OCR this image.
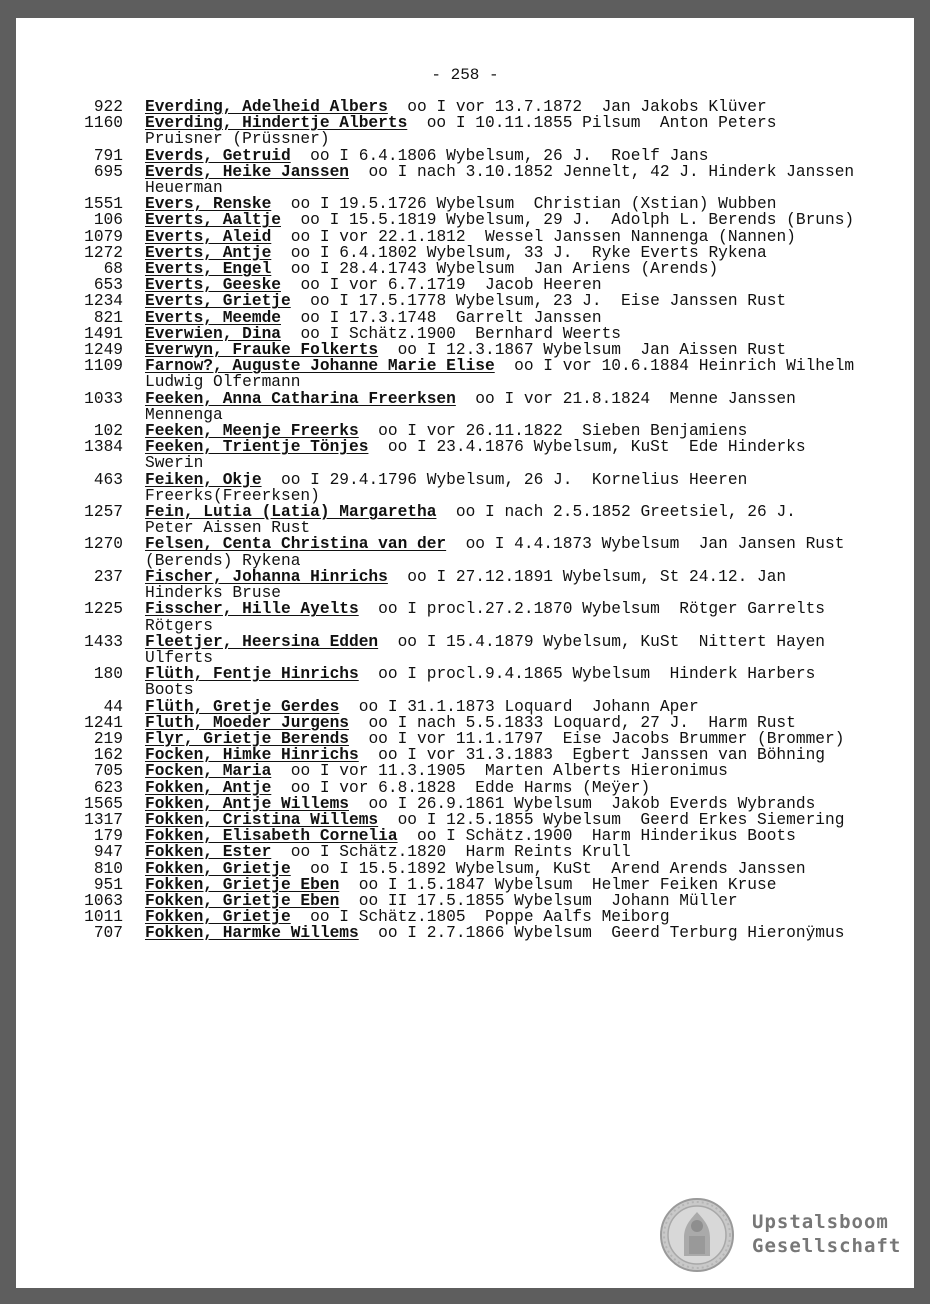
- 258 -
922 Everding, Adelheid Albers oo I vor 13.7.1872  Jan Jakobs Klüver
1160 Everding, Hindertje Alberts oo I 10.11.1855 Pilsum  Anton Peters Pruisner (Prüssner)
791 Everds, Getruid oo I 6.4.1806 Wybelsum, 26 J.  Roelf Jans
695 Everds, Heike Janssen oo I nach 3.10.1852 Jennelt, 42 J. Hinderk Janssen Heuerman
1551 Evers, Renske oo I 19.5.1726 Wybelsum  Christian (Xstian) Wubben
106 Everts, Aaltje oo I 15.5.1819 Wybelsum, 29 J.  Adolph L. Berends (Bruns)
1079 Everts, Aleid oo I vor 22.1.1812  Wessel Janssen Nannenga (Nannen)
1272 Everts, Antje oo I 6.4.1802 Wybelsum, 33 J.  Ryke Everts Rykena
68 Everts, Engel oo I 28.4.1743 Wybelsum  Jan Ariens (Arends)
653 Everts, Geeske oo I vor 6.7.1719  Jacob Heeren
1234 Everts, Grietje oo I 17.5.1778 Wybelsum, 23 J.  Eise Janssen Rust
821 Everts, Meemde oo I 17.3.1748  Garrelt Janssen
1491 Everwien, Dina oo I Schätz.1900  Bernhard Weerts
1249 Everwyn, Frauke Folkerts oo I 12.3.1867 Wybelsum  Jan Aissen Rust
1109 Farnow?, Auguste Johanne Marie Elise oo I vor 10.6.1884 Heinrich Wilhelm Ludwig Olfermann
1033 Feeken, Anna Catharina Freerksen oo I vor 21.8.1824  Menne Janssen Mennenga
102 Feeken, Meenje Freerks oo I vor 26.11.1822  Sieben Benjamiens
1384 Feeken, Trientje Tönjes oo I 23.4.1876 Wybelsum, KuSt  Ede Hinderks Swerin
463 Feiken, Okje oo I 29.4.1796 Wybelsum, 26 J.  Kornelius Heeren Freerks(Freerksen)
1257 Fein, Lutia (Latia) Margaretha oo I nach 2.5.1852 Greetsiel, 26 J.  Peter Aissen Rust
1270 Felsen, Centa Christina van der oo I 4.4.1873 Wybelsum  Jan Jansen Rust (Berends) Rykena
237 Fischer, Johanna Hinrichs oo I 27.12.1891 Wybelsum, St 24.12. Jan Hinderks Bruse
1225 Fisscher, Hille Ayelts oo I procl.27.2.1870 Wybelsum  Rötger Garrelts Rötgers
1433 Fleetjer, Heersina Edden oo I 15.4.1879 Wybelsum, KuSt  Nittert Hayen Ulferts
180 Flüth, Fentje Hinrichs oo I procl.9.4.1865 Wybelsum  Hinderk Harbers Boots
44 Flüth, Gretje Gerdes oo I 31.1.1873 Loquard  Johann Aper
1241 Fluth, Moeder Jurgens oo I nach 5.5.1833 Loquard, 27 J.  Harm Rust
219 Flyr, Grietje Berends oo I vor 11.1.1797  Eise Jacobs Brummer (Brommer)
162 Focken, Himke Hinrichs oo I vor 31.3.1883  Egbert Janssen van Böhning
705 Focken, Maria oo I vor 11.3.1905  Marten Alberts Hieronimus
623 Fokken, Antje oo I vor 6.8.1828  Edde Harms (Meÿer)
1565 Fokken, Antje Willems oo I 26.9.1861 Wybelsum  Jakob Everds Wybrands
1317 Fokken, Cristina Willems oo I 12.5.1855 Wybelsum  Geerd Erkes Siemering
179 Fokken, Elisabeth Cornelia oo I Schätz.1900  Harm Hinderikus Boots
947 Fokken, Ester oo I Schätz.1820  Harm Reints Krull
810 Fokken, Grietje oo I 15.5.1892 Wybelsum, KuSt  Arend Arends Janssen
951 Fokken, Grietje Eben oo I 1.5.1847 Wybelsum  Helmer Feiken Kruse
1063 Fokken, Grietje Eben oo II 17.5.1855 Wybelsum  Johann Müller
1011 Fokken, Grietje oo I Schätz.1805  Poppe Aalfs Meiborg
707 Fokken, Harmke Willems oo I 2.7.1866 Wybelsum  Geerd Terburg Hieronÿmus
Upstalsboom
Gesellschaft
